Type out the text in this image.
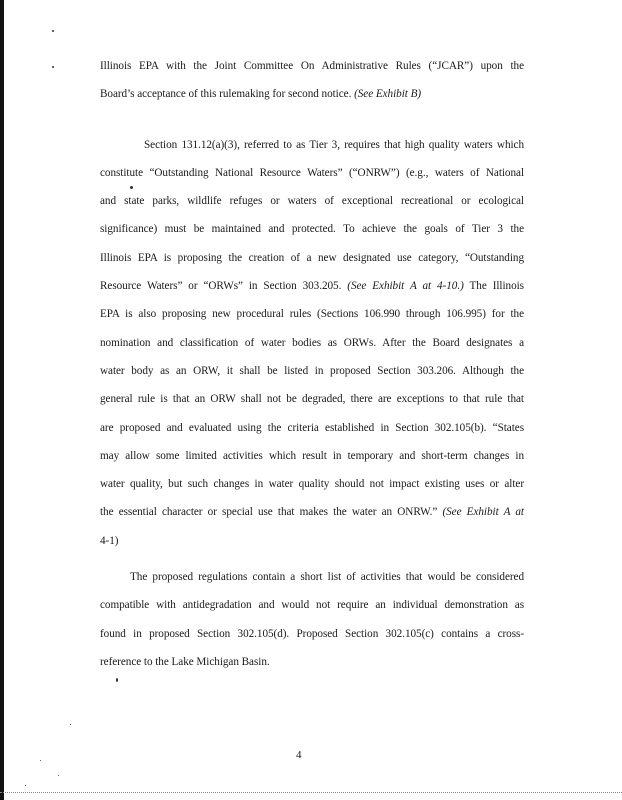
Illinois EPA with the Joint Committee On Administrative Rules (“JCAR”) upon the
Board’s acceptance of this rulemaking for second notice. (See Exhibit B)

Section 131.12(a)(3), referred to as Tier 3, requires that high quality waters which
constitute “Outstanding National Resource Waters” (“ONRW”) (e.g., waters of National
and state parks, wildlife refuges or waters of exceptional recreational or ecological
significance) must be maintained and protected. To achieve the goals of Tier 3 the
Illinois EPA is proposing the creation of a new designated use category, “Outstanding
Resource Waters” or “ORWs” in Section 303.205. (See Exhibit A at 4-10.) The Illinois
EPA is also proposing new procedural rules (Sections 106.990 through 106.995) for the
nomination and classification of water bodies as ORWs. After the Board designates a
water body as an ORW, it shall be listed in proposed Section 303.206. Although the
general rule is that an ORW shall not be degraded, there are exceptions to that rule that
are proposed and evaluated using the criteria established in Section 302.105(b). “States
may allow some limited activities which result in temporary and short-term changes in
water quality, but such changes in water quality should not impact existing uses or alter
the essential character or special use that makes the water an ONRW.” (See Exhibit A at
4-1)

The proposed regulations contain a short list of activities that would be considered
compatible with antidegradation and would not require an individual demonstration as
found in proposed Section 302.105(d). Proposed Section 302.105(c) contains a cross-
reference to the Lake Michigan Basin.

4
